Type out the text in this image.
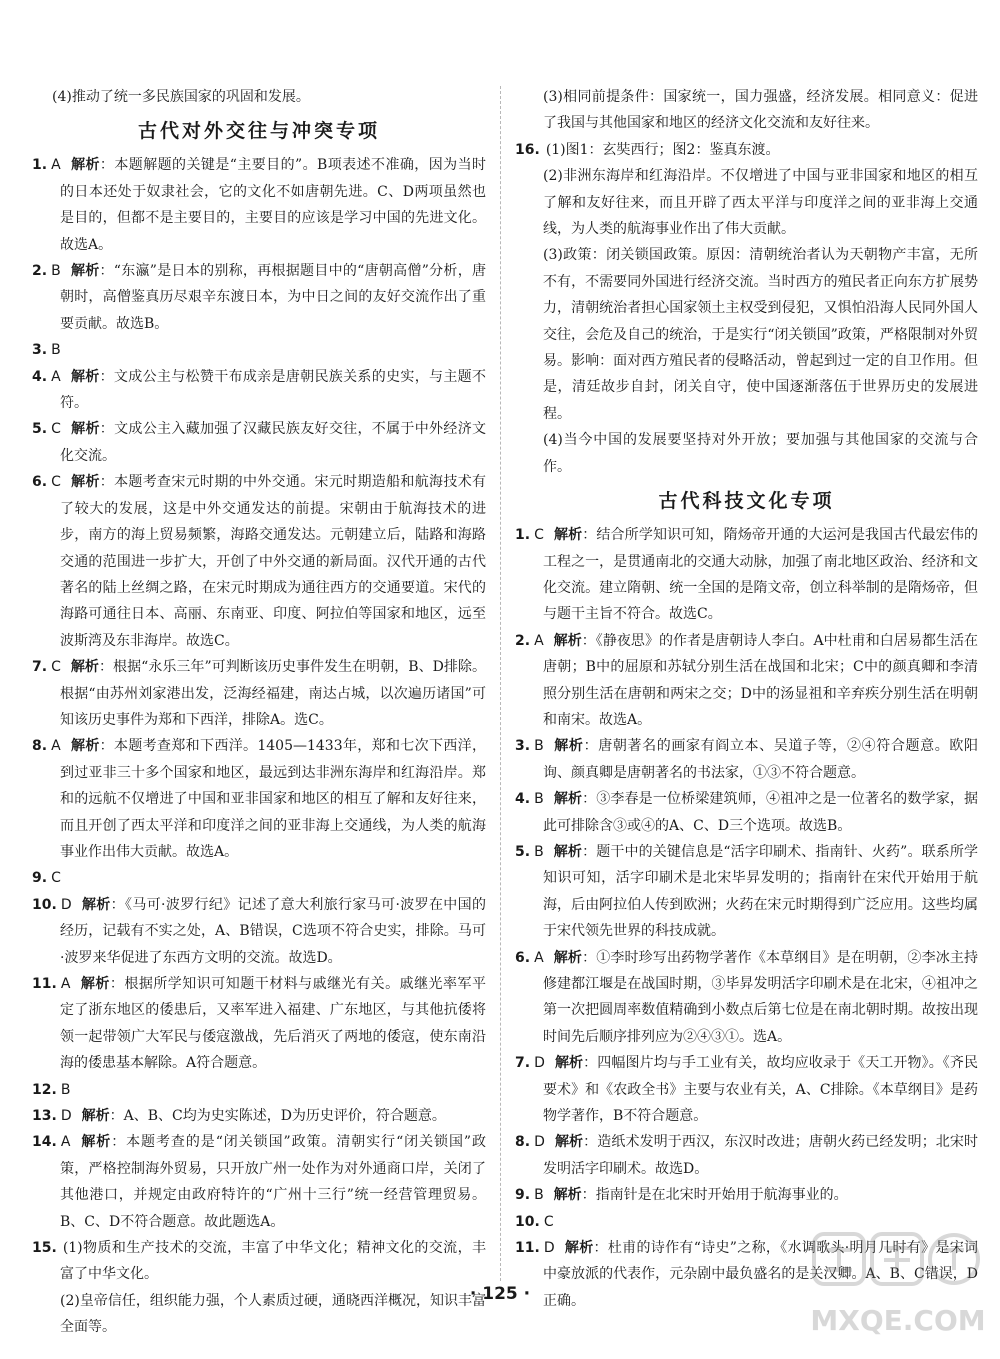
(4)推动了统一多民族国家的巩固和发展。
古代对外交往与冲突专项
1. A 解析：本题解题的关键是“主要目的”。B项表述不准确，因为当时的日本还处于奴隶社会，它的文化不如唐朝先进。C、D两项虽然也是目的，但都不是主要目的，主要目的应该是学习中国的先进文化。故选A。
2. B 解析：“东瀛”是日本的别称，再根据题目中的“唐朝高僧”分析，唐朝时，高僧鉴真历尽艰辛东渡日本，为中日之间的友好交流作出了重要贡献。故选B。
3. B
4. A 解析：文成公主与松赞干布成亲是唐朝民族关系的史实，与主题不符。
5. C 解析：文成公主入藏加强了汉藏民族友好交往，不属于中外经济文化交流。
6. C 解析：本题考查宋元时期的中外交通。宋元时期造船和航海技术有了较大的发展，这是中外交通发达的前提。宋朝由于航海技术的进步，南方的海上贸易频繁，海路交通发达。元朝建立后，陆路和海路交通的范围进一步扩大，开创了中外交通的新局面。汉代开通的古代著名的陆上丝绸之路，在宋元时期成为通往西方的交通要道。宋代的海路可通往日本、高丽、东南亚、印度、阿拉伯等国家和地区，远至波斯湾及东非海岸。故选C。
7. C 解析：根据“永乐三年”可判断该历史事件发生在明朝，B、D排除。根据“由苏州刘家港出发，泛海经福建，南达占城，以次遍历诸国”可知该历史事件为郑和下西洋，排除A。选C。
8. A 解析：本题考查郑和下西洋。1405—1433年，郑和七次下西洋，到过亚非三十多个国家和地区，最远到达非洲东海岸和红海沿岸。郑和的远航不仅增进了中国和亚非国家和地区的相互了解和友好往来，而且开创了西太平洋和印度洋之间的亚非海上交通线，为人类的航海事业作出伟大贡献。故选A。
9. C
10. D 解析：《马可·波罗行纪》记述了意大利旅行家马可·波罗在中国的经历，记载有不实之处，A、B错误，C选项不符合史实，排除。马可·波罗来华促进了东西方文明的交流。故选D。
11. A 解析：根据所学知识可知题干材料与戚继光有关。戚继光率军平定了浙东地区的倭患后，又率军进入福建、广东地区，与其他抗倭将领一起带领广大军民与倭寇激战，先后消灭了两地的倭寇，使东南沿海的倭患基本解除。A符合题意。
12. B
13. D 解析：A、B、C均为史实陈述，D为历史评价，符合题意。
14. A 解析：本题考查的是“闭关锁国”政策。清朝实行“闭关锁国”政策，严格控制海外贸易，只开放广州一处作为对外通商口岸，关闭了其他港口，并规定由政府特许的“广州十三行”统一经营管理贸易。B、C、D不符合题意。故此题选A。
15. (1)物质和生产技术的交流，丰富了中华文化；精神文化的交流，丰富了中华文化。
(2)皇帝信任，组织能力强，个人素质过硬，通晓西洋概况，知识丰富全面等。
(3)相同前提条件：国家统一，国力强盛，经济发展。相同意义：促进了我国与其他国家和地区的经济文化交流和友好往来。
16. (1)图1：玄奘西行；图2：鉴真东渡。
(2)非洲东海岸和红海沿岸。不仅增进了中国与亚非国家和地区的相互了解和友好往来，而且开辟了西太平洋与印度洋之间的亚非海上交通线，为人类的航海事业作出了伟大贡献。
(3)政策：闭关锁国政策。原因：清朝统治者认为天朝物产丰富，无所不有，不需要同外国进行经济交流。当时西方的殖民者正向东方扩展势力，清朝统治者担心国家领土主权受到侵犯，又惧怕沿海人民同外国人交往，会危及自己的统治，于是实行“闭关锁国”政策，严格限制对外贸易。影响：面对西方殖民者的侵略活动，曾起到过一定的自卫作用。但是，清廷故步自封，闭关自守，使中国逐渐落伍于世界历史的发展进程。
(4)当今中国的发展要坚持对外开放；要加强与其他国家的交流与合作。
古代科技文化专项
1. C 解析：结合所学知识可知，隋炀帝开通的大运河是我国古代最宏伟的工程之一，是贯通南北的交通大动脉，加强了南北地区政治、经济和文化交流。建立隋朝、统一全国的是隋文帝，创立科举制的是隋炀帝，但与题干主旨不符合。故选C。
2. A 解析：《静夜思》的作者是唐朝诗人李白。A中杜甫和白居易都生活在唐朝；B中的屈原和苏轼分别生活在战国和北宋；C中的颜真卿和李清照分别生活在唐朝和两宋之交；D中的汤显祖和辛弃疾分别生活在明朝和南宋。故选A。
3. B 解析：唐朝著名的画家有阎立本、吴道子等，②④符合题意。欧阳询、颜真卿是唐朝著名的书法家，①③不符合题意。
4. B 解析：③李春是一位桥梁建筑师，④祖冲之是一位著名的数学家，据此可排除含③或④的A、C、D三个选项。故选B。
5. B 解析：题干中的关键信息是“活字印刷术、指南针、火药”。联系所学知识可知，活字印刷术是北宋毕昇发明的；指南针在宋代开始用于航海，后由阿拉伯人传到欧洲；火药在宋元时期得到广泛应用。这些均属于宋代领先世界的科技成就。
6. A 解析：①李时珍写出药物学著作《本草纲目》是在明朝，②李冰主持修建都江堰是在战国时期，③毕昇发明活字印刷术是在北宋，④祖冲之第一次把圆周率数值精确到小数点后第七位是在南北朝时期。故按出现时间先后顺序排列应为②④③①。选A。
7. D 解析：四幅图片均与手工业有关，故均应收录于《天工开物》。《齐民要术》和《农政全书》主要与农业有关，A、C排除。《本草纲目》是药物学著作，B不符合题意。
8. D 解析：造纸术发明于西汉，东汉时改进；唐朝火药已经发明；北宋时发明活字印刷术。故选D。
9. B 解析：指南针是在北宋时开始用于航海事业的。
10. C
11. D 解析：杜甫的诗作有“诗史”之称，《水调歌头·明月几时有》是宋词中豪放派的代表作，元杂剧中最负盛名的是关汉卿。A、B、C错误，D正确。
· 125 ·
MXQE.COM
